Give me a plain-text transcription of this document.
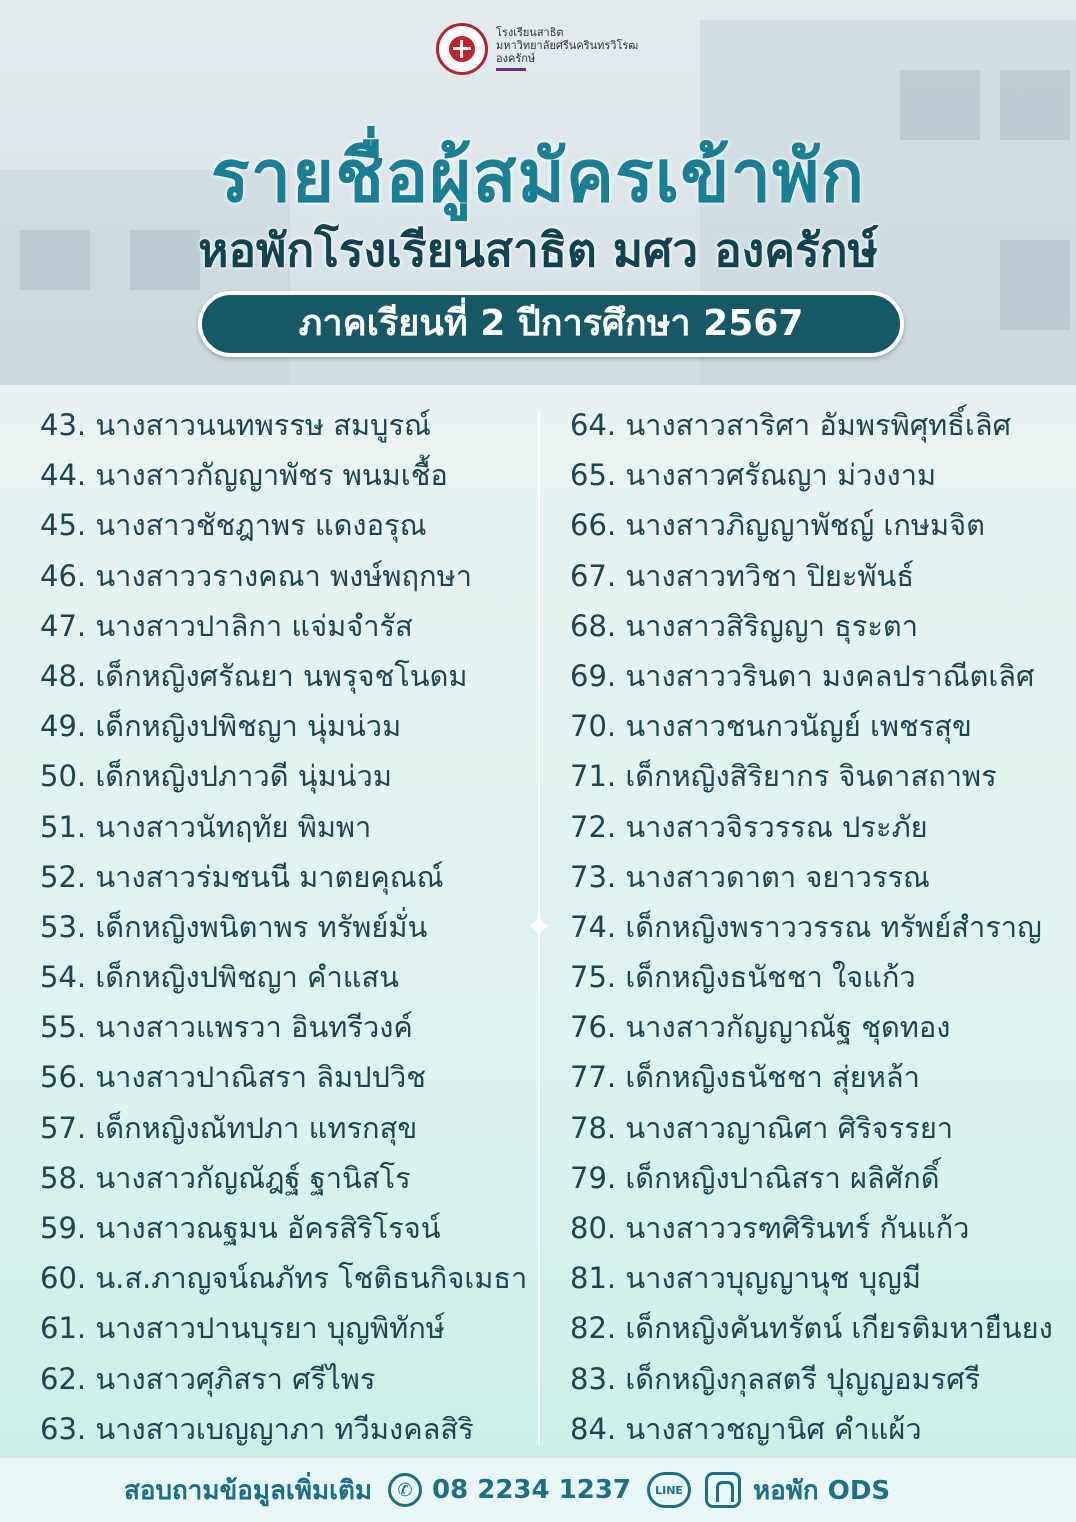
โรงเรียนสาธิต
มหาวิทยาลัยศรีนครินทรวิโรฒ
องครักษ์
รายชื่อผู้สมัครเข้าพัก
หอพักโรงเรียนสาธิต มศว องครักษ์
ภาคเรียนที่ 2 ปีการศึกษา 2567
43. นางสาวนนทพรรษ สมบูรณ์
44. นางสาวกัญญาพัชร พนมเชื้อ
45. นางสาวชัชฎาพร แดงอรุณ
46. นางสาววรางคณา พงษ์พฤกษา
47. นางสาวปาลิกา แจ่มจำรัส
48. เด็กหญิงศรัณยา นพรุจชโนดม
49. เด็กหญิงปพิชญา นุ่มน่วม
50. เด็กหญิงปภาวดี นุ่มน่วม
51. นางสาวนัทฤทัย พิมพา
52. นางสาวร่มชนนี มาตยคุณณ์
53. เด็กหญิงพนิตาพร ทรัพย์มั่น
54. เด็กหญิงปพิชญา คำแสน
55. นางสาวแพรวา อินทรีวงค์
56. นางสาวปาณิสรา ลิมปปวิช
57. เด็กหญิงณัทปภา แทรกสุข
58. นางสาวกัญณัฎฐ์ ฐานิสโร
59. นางสาวณฐมน อัครสิริโรจน์
60. น.ส.ภาญจน์ณภัทร โชติธนกิจเมธา
61. นางสาวปานบุรยา บุญพิทักษ์
62. นางสาวศุภิสรา ศรีไพร
63. นางสาวเบญญาภา ทวีมงคลสิริ
64. นางสาวสาริศา อัมพรพิศุทธิ์เลิศ
65. นางสาวศรัณญา ม่วงงาม
66. นางสาวภิญญาพัชญ์ เกษมจิต
67. นางสาวทวิชา ปิยะพันธ์
68. นางสาวสิริญญา ธุระตา
69. นางสาววรินดา มงคลปราณีตเลิศ
70. นางสาวชนกวนัญย์ เพชรสุข
71. เด็กหญิงสิริยากร จินดาสถาพร
72. นางสาวจิรวรรณ ประภัย
73. นางสาวดาตา จยาวรรณ
74. เด็กหญิงพราววรรณ ทรัพย์สำราญ
75. เด็กหญิงธนัชชา ใจแก้ว
76. นางสาวกัญญาณัฐ ชุดทอง
77. เด็กหญิงธนัชชา สุ่ยหล้า
78. นางสาวญาณิศา ศิริจรรยา
79. เด็กหญิงปาณิสรา ผลิศักดิ์
80. นางสาววรฑศิรินทร์ กันแก้ว
81. นางสาวบุญญานุช บุญมี
82. เด็กหญิงคันทรัตน์ เกียรติมหายืนยง
83. เด็กหญิงกุลสตรี ปุญญอมรศรี
84. นางสาวชญานิศ คำแผ้ว
สอบถามข้อมูลเพิ่มเติม	✆ 08 2234 1237	LINE	หอพัก ODS
